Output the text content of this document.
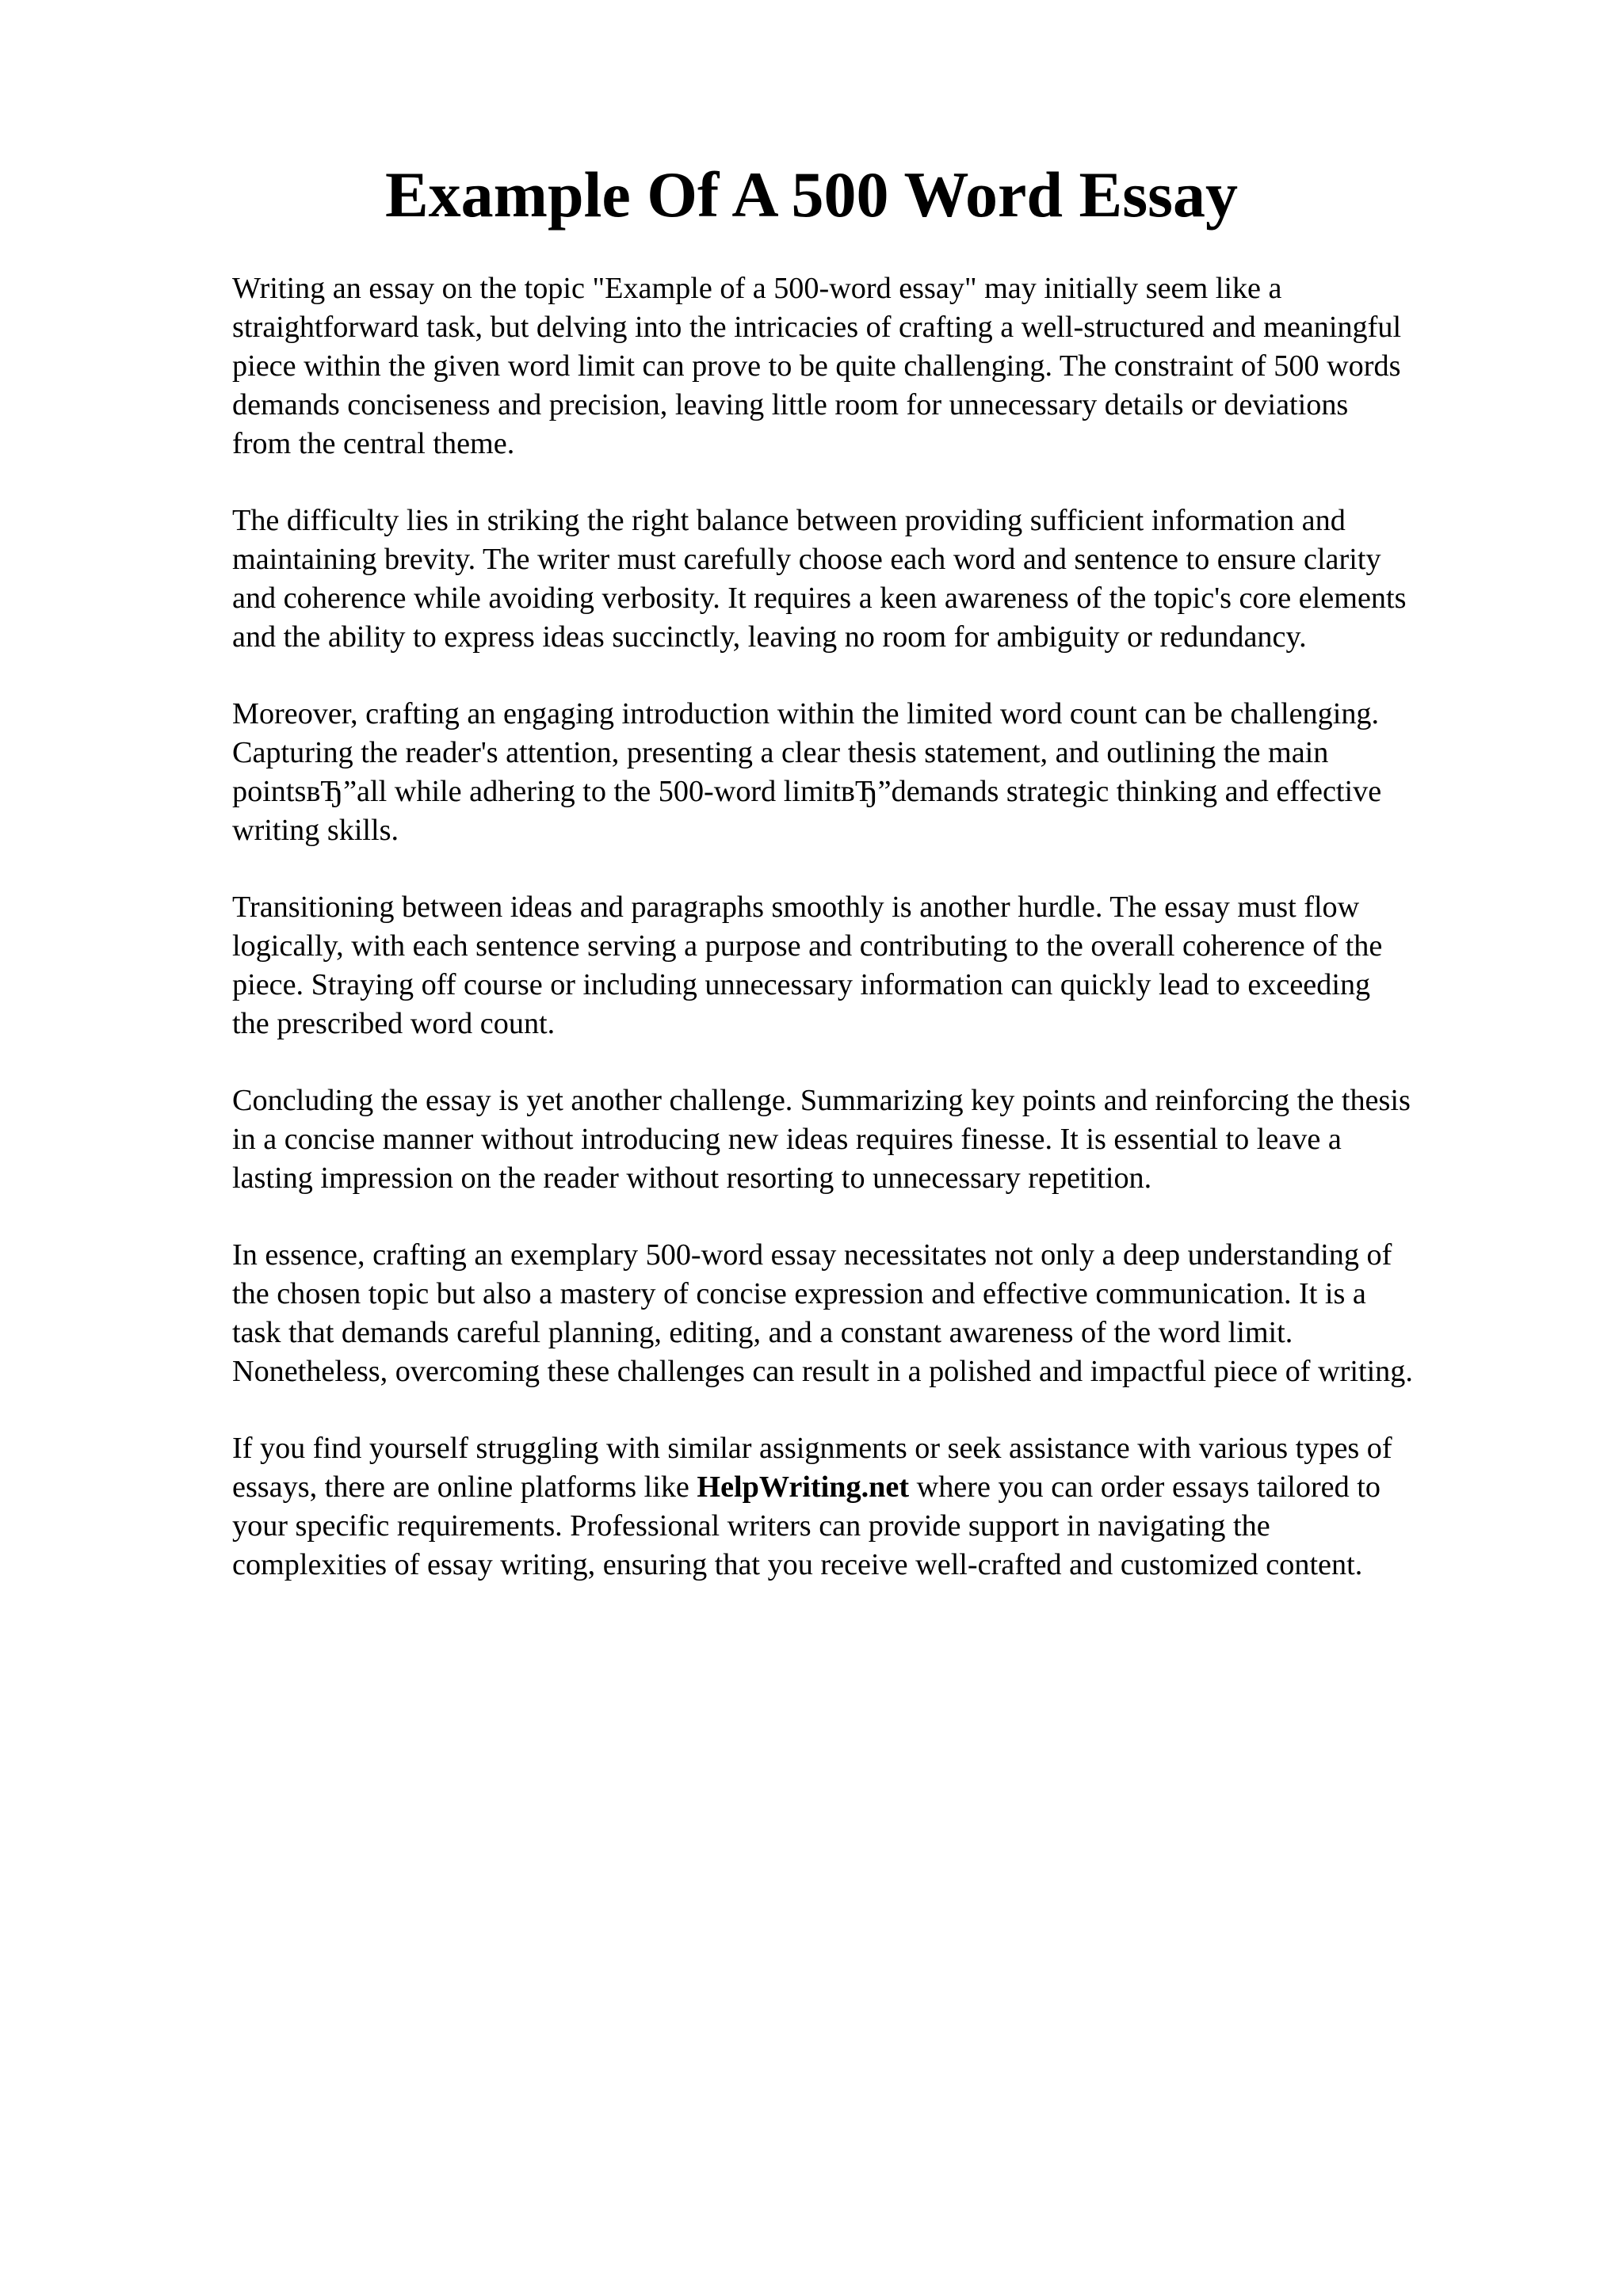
Example Of A 500 Word Essay

Writing an essay on the topic "Example of a 500-word essay" may initially seem like a
straightforward task, but delving into the intricacies of crafting a well-structured and meaningful
piece within the given word limit can prove to be quite challenging. The constraint of 500 words
demands conciseness and precision, leaving little room for unnecessary details or deviations
from the central theme.

The difficulty lies in striking the right balance between providing sufficient information and
maintaining brevity. The writer must carefully choose each word and sentence to ensure clarity
and coherence while avoiding verbosity. It requires a keen awareness of the topic's core elements
and the ability to express ideas succinctly, leaving no room for ambiguity or redundancy.

Moreover, crafting an engaging introduction within the limited word count can be challenging.
Capturing the reader's attention, presenting a clear thesis statement, and outlining the main
pointsвЂ”all while adhering to the 500-word limitвЂ”demands strategic thinking and effective
writing skills.

Transitioning between ideas and paragraphs smoothly is another hurdle. The essay must flow
logically, with each sentence serving a purpose and contributing to the overall coherence of the
piece. Straying off course or including unnecessary information can quickly lead to exceeding
the prescribed word count.

Concluding the essay is yet another challenge. Summarizing key points and reinforcing the thesis
in a concise manner without introducing new ideas requires finesse. It is essential to leave a
lasting impression on the reader without resorting to unnecessary repetition.

In essence, crafting an exemplary 500-word essay necessitates not only a deep understanding of
the chosen topic but also a mastery of concise expression and effective communication. It is a
task that demands careful planning, editing, and a constant awareness of the word limit.
Nonetheless, overcoming these challenges can result in a polished and impactful piece of writing.

If you find yourself struggling with similar assignments or seek assistance with various types of
essays, there are online platforms like HelpWriting.net where you can order essays tailored to
your specific requirements. Professional writers can provide support in navigating the
complexities of essay writing, ensuring that you receive well-crafted and customized content.
